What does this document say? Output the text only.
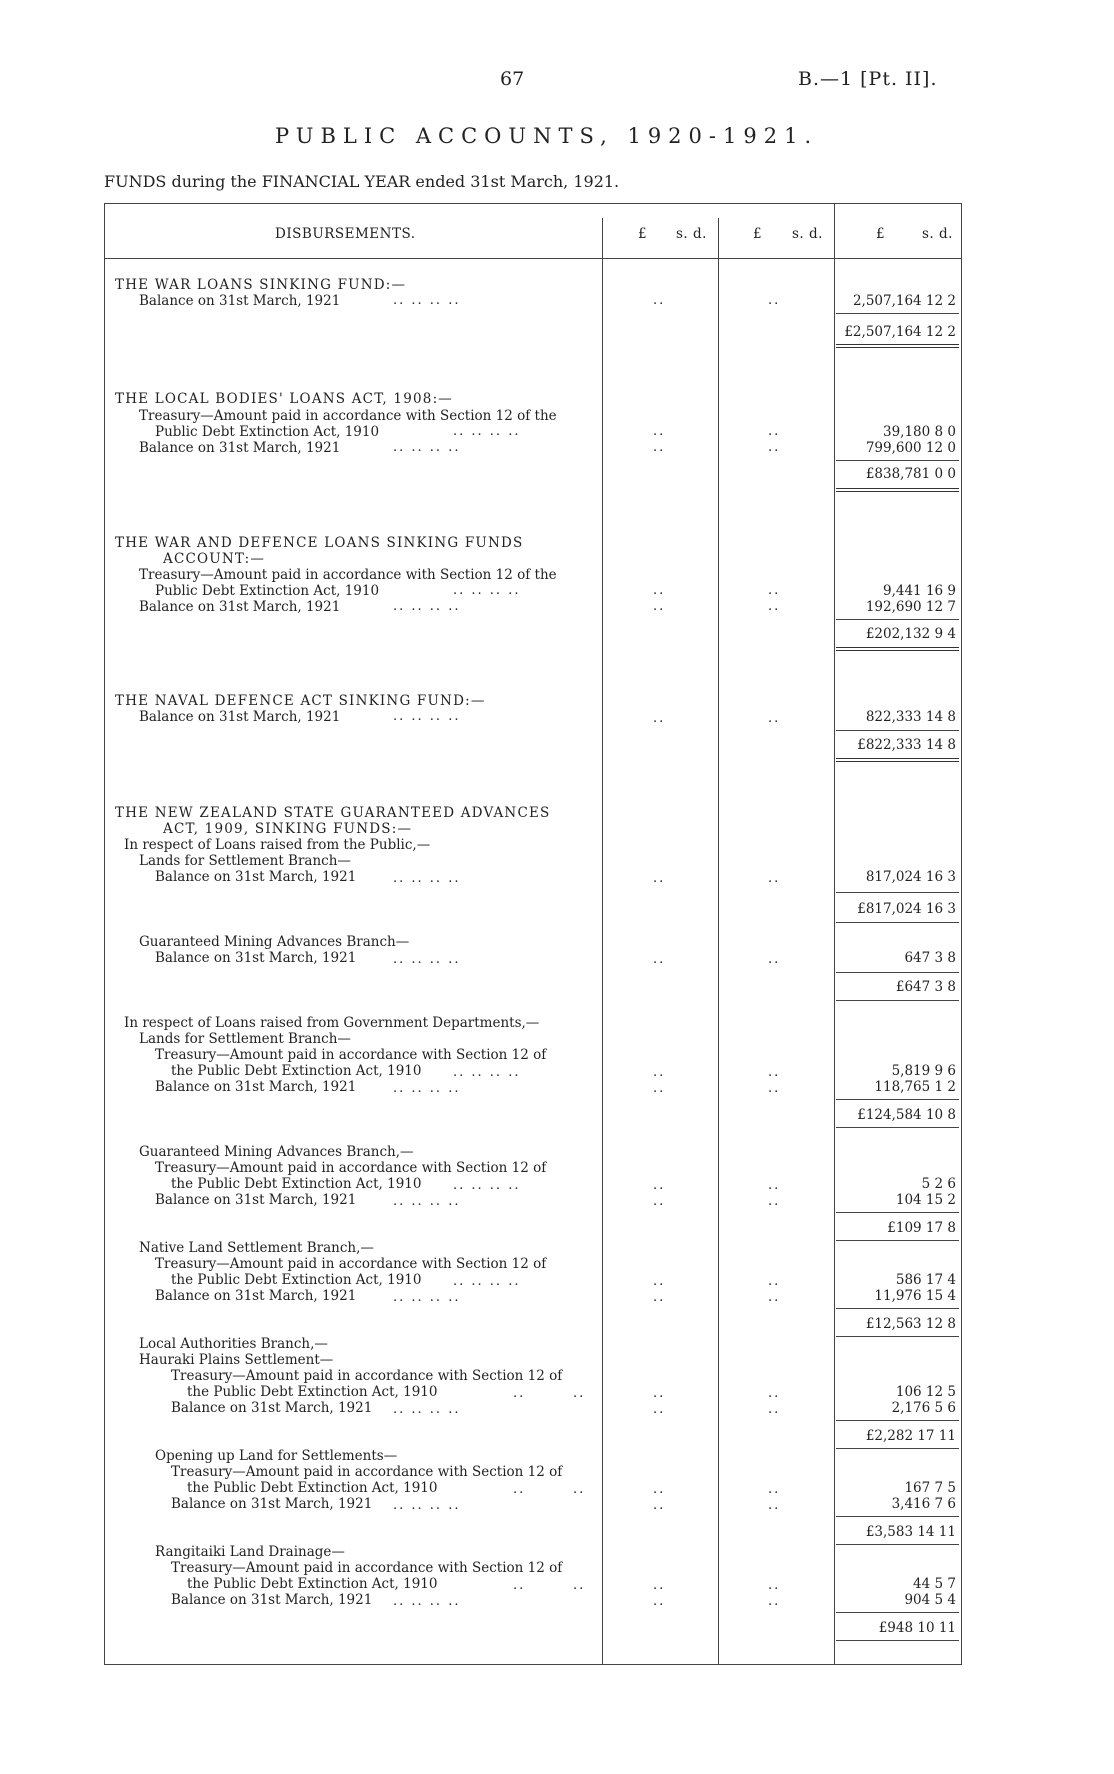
67	B.—1 [Pt. II].
PUBLIC ACCOUNTS, 1920-1921.
FUNDS during the FINANCIAL YEAR ended 31st March, 1921.
DISBURSEMENTS.	£ s. d.	£ s. d.	£	s. d.
THE WAR LOANS SINKING FUND:—
Balance on 31st March, 1921	.. .. .. ..	..	..	2,507,164 12 2
£2,507,164 12 2
THE LOCAL BODIES' LOANS ACT, 1908:—
Treasury—Amount paid in accordance with Section 12 of the
Public Debt Extinction Act, 1910	.. .. .. ..	..	..	39,180 8 0
Balance on 31st March, 1921	.. .. .. ..	..	..	799,600 12 0
£838,781 0 0
THE WAR AND DEFENCE LOANS SINKING FUNDS
ACCOUNT:—
Treasury—Amount paid in accordance with Section 12 of the
Public Debt Extinction Act, 1910	.. .. .. ..	..	..	9,441 16 9
Balance on 31st March, 1921	.. .. .. ..	..	..	192,690 12 7
£202,132 9 4
THE NAVAL DEFENCE ACT SINKING FUND:—
Balance on 31st March, 1921	.. .. .. ..	..	..	822,333 14 8
£822,333 14 8
THE NEW ZEALAND STATE GUARANTEED ADVANCES
ACT, 1909, SINKING FUNDS:—
In respect of Loans raised from the Public,—
Lands for Settlement Branch—
Balance on 31st March, 1921	.. .. .. ..	..	..	817,024 16 3
£817,024 16 3
Guaranteed Mining Advances Branch—
Balance on 31st March, 1921	.. .. .. ..	..	..	647 3 8
£647 3 8
In respect of Loans raised from Government Departments,—
Lands for Settlement Branch—
Treasury—Amount paid in accordance with Section 12 of
the Public Debt Extinction Act, 1910 .. .. .. ..	..	..	5,819 9 6
Balance on 31st March, 1921	.. .. .. ..	..	..	118,765 1 2
£124,584 10 8
Guaranteed Mining Advances Branch,—
Treasury—Amount paid in accordance with Section 12 of
the Public Debt Extinction Act, 1910 .. .. .. ..	..	..	5 2 6
Balance on 31st March, 1921	.. .. .. ..	..	..	104 15 2
£109 17 8
Native Land Settlement Branch,—
Treasury—Amount paid in accordance with Section 12 of
the Public Debt Extinction Act, 1910 .. .. .. ..	..	..	586 17 4
Balance on 31st March, 1921	.. .. .. ..	..	..	11,976 15 4
£12,563 12 8
Local Authorities Branch,—
Hauraki Plains Settlement—
Treasury—Amount paid in accordance with Section 12 of
the Public Debt Extinction Act, 1910	..	..	..	..	106 12 5
Balance on 31st March, 1921 .. .. .. ..	..	..	2,176 5 6
£2,282 17 11
Opening up Land for Settlements—
Treasury—Amount paid in accordance with Section 12 of
the Public Debt Extinction Act, 1910	..	..	..	..	167 7 5
Balance on 31st March, 1921 .. .. .. ..	..	..	3,416 7 6
£3,583 14 11
Rangitaiki Land Drainage—
Treasury—Amount paid in accordance with Section 12 of
the Public Debt Extinction Act, 1910	..	..	..	..	44 5 7
Balance on 31st March, 1921 .. .. .. ..	..	..	904 5 4
£948 10 11
